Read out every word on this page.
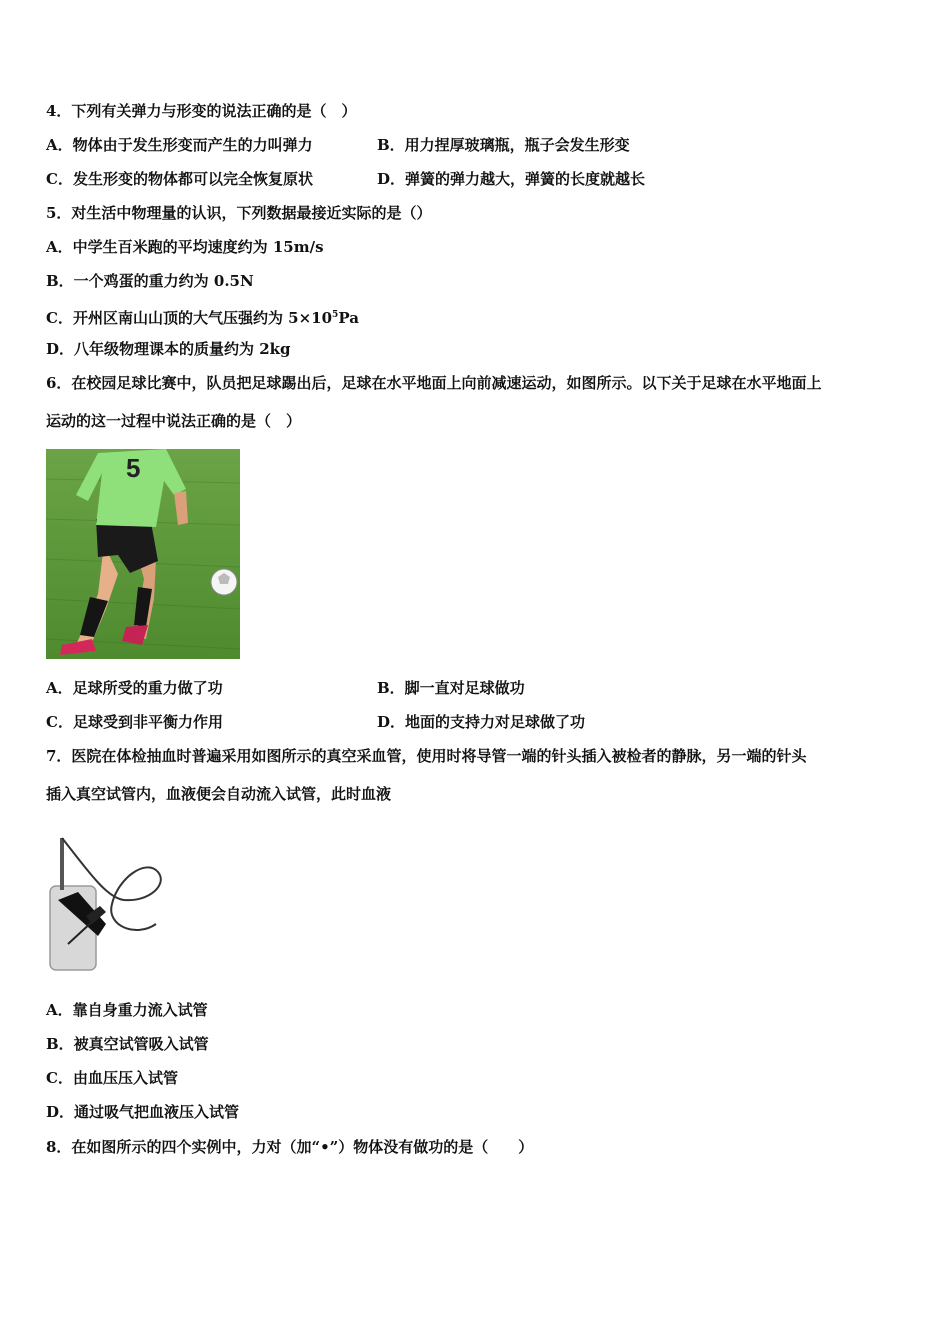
4．下列有关弹力与形变的说法正确的是（　）
A．物体由于发生形变而产生的力叫弹力	B．用力捏厚玻璃瓶，瓶子会发生形变
C．发生形变的物体都可以完全恢复原状	D．弹簧的弹力越大，弹簧的长度就越长
5．对生活中物理量的认识，下列数据最接近实际的是（）
A．中学生百米跑的平均速度约为 15m/s
B．一个鸡蛋的重力约为 0.5N
C．开州区南山山顶的大气压强约为 $5\times 10^5Pa$
D．八年级物理课本的质量约为 2kg
6．在校园足球比赛中，队员把足球踢出后，足球在水平地面上向前减速运动，如图所示。以下关于足球在水平地面上
运动的这一过程中说法正确的是（　）
5
A．足球所受的重力做了功	B．脚一直对足球做功
C．足球受到非平衡力作用	D．地面的支持力对足球做了功
7．医院在体检抽血时普遍采用如图所示的真空采血管，使用时将导管一端的针头插入被检者的静脉，另一端的针头
插入真空试管内，血液便会自动流入试管，此时血液
A．靠自身重力流入试管
B．被真空试管吸入试管
C．由血压压入试管
D．通过吸气把血液压入试管
8．在如图所示的四个实例中，力对（加“•”）物体没有做功的是（　　）
